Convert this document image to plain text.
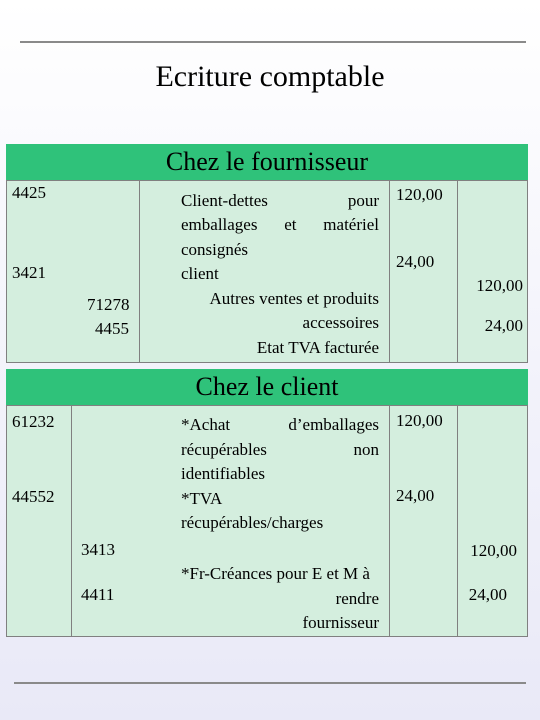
Ecriture comptable
Chez le fournisseur
4425
3421
71278
4455
Client-dettes pour
emballages et matériel
consignés
client
Autres ventes et produits
accessoires
Etat TVA facturée
120,00
24,00
120,00
24,00
Chez le client
61232
44552
3413
4411
*Achat d’emballages
récupérables non
identifiables
*TVA
récupérables/charges
*Fr-Créances pour E et M à
rendre
fournisseur
120,00
24,00
120,00
24,00
